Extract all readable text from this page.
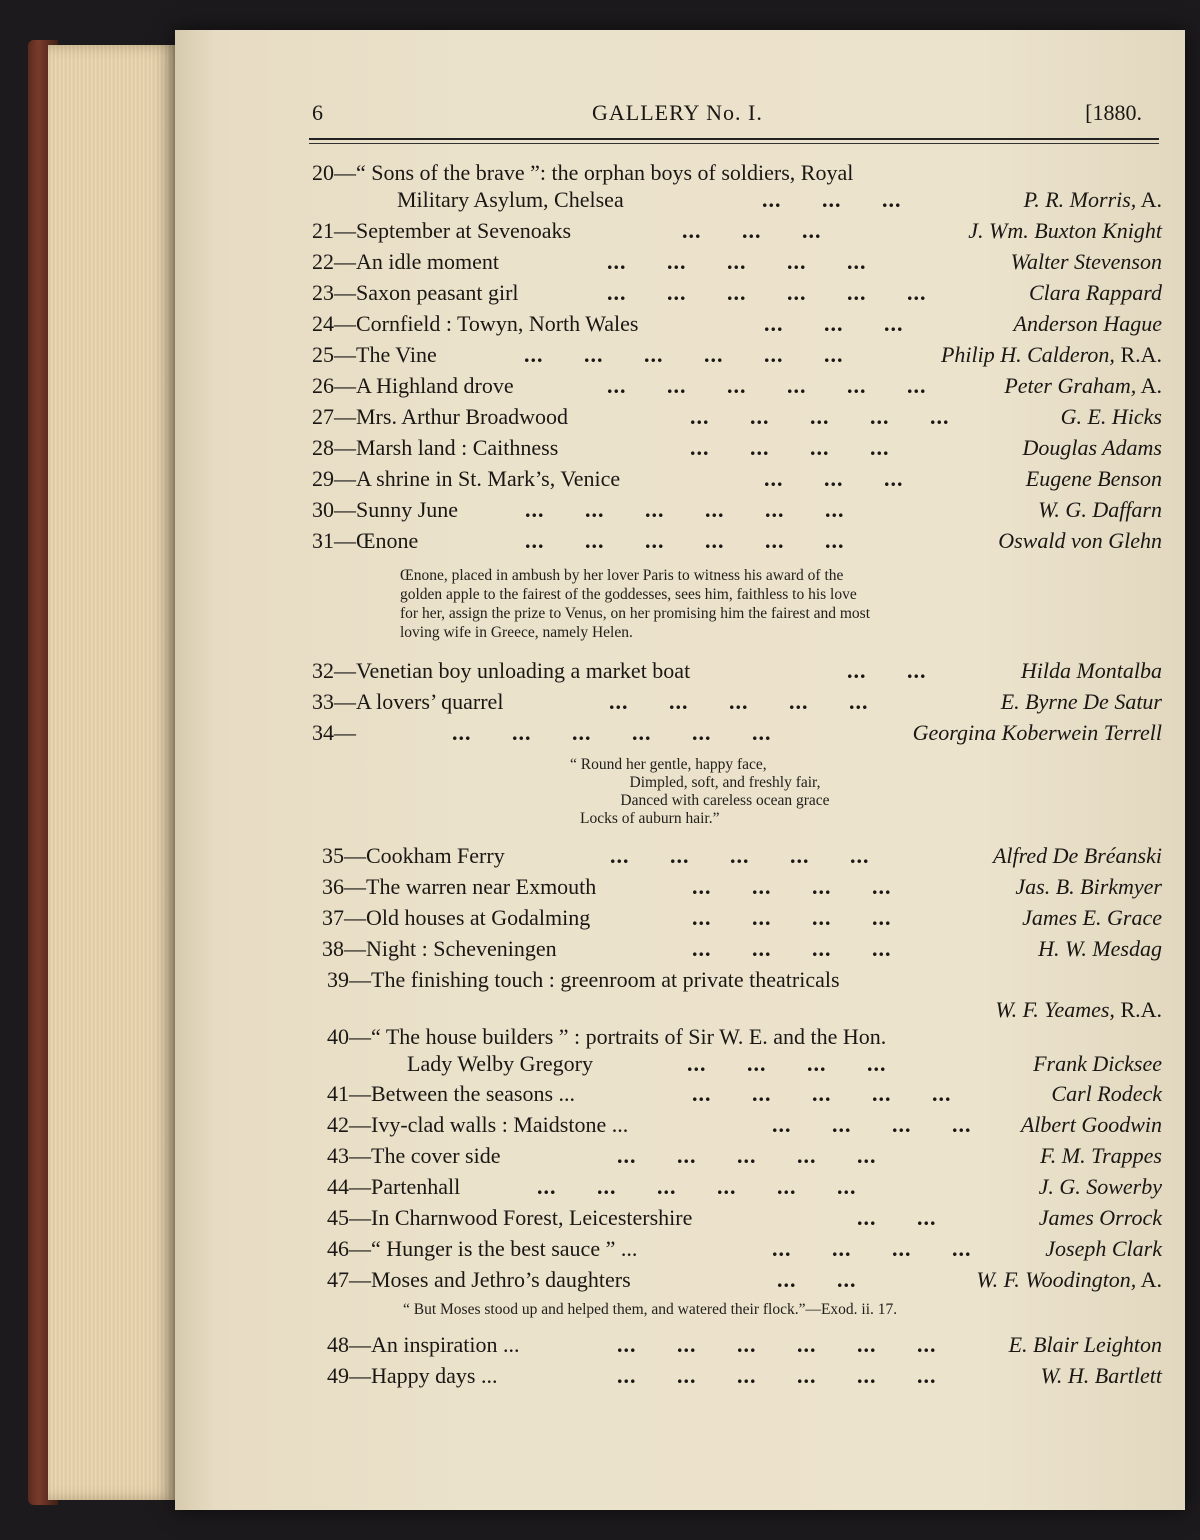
6	GALLERY No. I.	[1880.
20—“ Sons of the brave ”: the orphan boys of soldiers, Royal
Military Asylum, Chelsea	... ... ...	P. R. Morris, A.
21—September at Sevenoaks	... ... ...	J. Wm. Buxton Knight
22—An idle moment	... ... ... ... ...	Walter Stevenson
23—Saxon peasant girl	... ... ... ... ... ...	Clara Rappard
24—Cornfield : Towyn, North Wales	... ... ...	Anderson Hague
25—The Vine	... ... ... ... ... ...	Philip H. Calderon, R.A.
26—A Highland drove	... ... ... ... ... ...	Peter Graham, A.
27—Mrs. Arthur Broadwood	... ... ... ... ...	G. E. Hicks
28—Marsh land : Caithness	... ... ... ...	Douglas Adams
29—A shrine in St. Mark’s, Venice	... ... ...	Eugene Benson
30—Sunny June	... ... ... ... ... ...	W. G. Daffarn
31—Œnone	... ... ... ... ... ...	Oswald von Glehn
Œnone, placed in ambush by her lover Paris to witness his award of the
golden apple to the fairest of the goddesses, sees him, faithless to his love
for her, assign the prize to Venus, on her promising him the fairest and most
loving wife in Greece, namely Helen.
32—Venetian boy unloading a market boat	... ...	Hilda Montalba
33—A lovers’ quarrel	... ... ... ... ...	E. Byrne De Satur
34—	... ... ... ... ... ...	Georgina Koberwein Terrell
“ Round her gentle, happy face,
Dimpled, soft, and freshly fair,
Danced with careless ocean grace
Locks of auburn hair.”
35—Cookham Ferry	... ... ... ... ...	Alfred De Bréanski
36—The warren near Exmouth	... ... ... ...	Jas. B. Birkmyer
37—Old houses at Godalming	... ... ... ...	James E. Grace
38—Night : Scheveningen	... ... ... ...	H. W. Mesdag
39—The finishing touch : greenroom at private theatricals
W. F. Yeames, R.A.
40—“ The house builders ” : portraits of Sir W. E. and the Hon.
Lady Welby Gregory	... ... ... ...	Frank Dicksee
41—Between the seasons ...	... ... ... ... ...	Carl Rodeck
42—Ivy-clad walls : Maidstone ...	... ... ... ... Albert Goodwin
43—The cover side	... ... ... ... ...	F. M. Trappes
44—Partenhall	... ... ... ... ... ...	J. G. Sowerby
45—In Charnwood Forest, Leicestershire	... ...	James Orrock
46—“ Hunger is the best sauce ” ...	... ... ... ...	Joseph Clark
47—Moses and Jethro’s daughters	... ...	W. F. Woodington, A.
“ But Moses stood up and helped them, and watered their flock.”—Exod. ii. 17.
48—An inspiration ...	... ... ... ... ... ...	E. Blair Leighton
49—Happy days ...	... ... ... ... ... ...	W. H. Bartlett
